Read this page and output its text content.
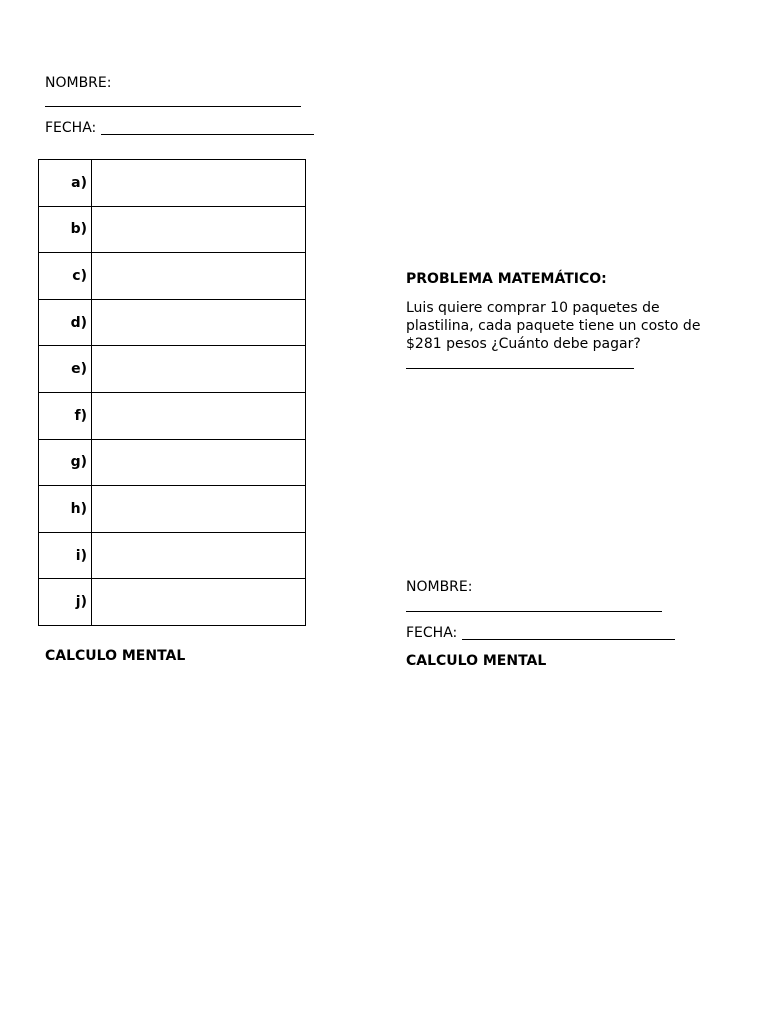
NOMBRE:
FECHA:
a)	
b)	
c)	
d)	
e)	
f)	
g)	
h)	
i)	
j)	
CALCULO MENTAL
PROBLEMA MATEMÁTICO:
Luis quiere comprar 10 paquetes de plastilina, cada paquete tiene un costo de $281 pesos ¿Cuánto debe pagar?
NOMBRE:
FECHA:
CALCULO MENTAL
